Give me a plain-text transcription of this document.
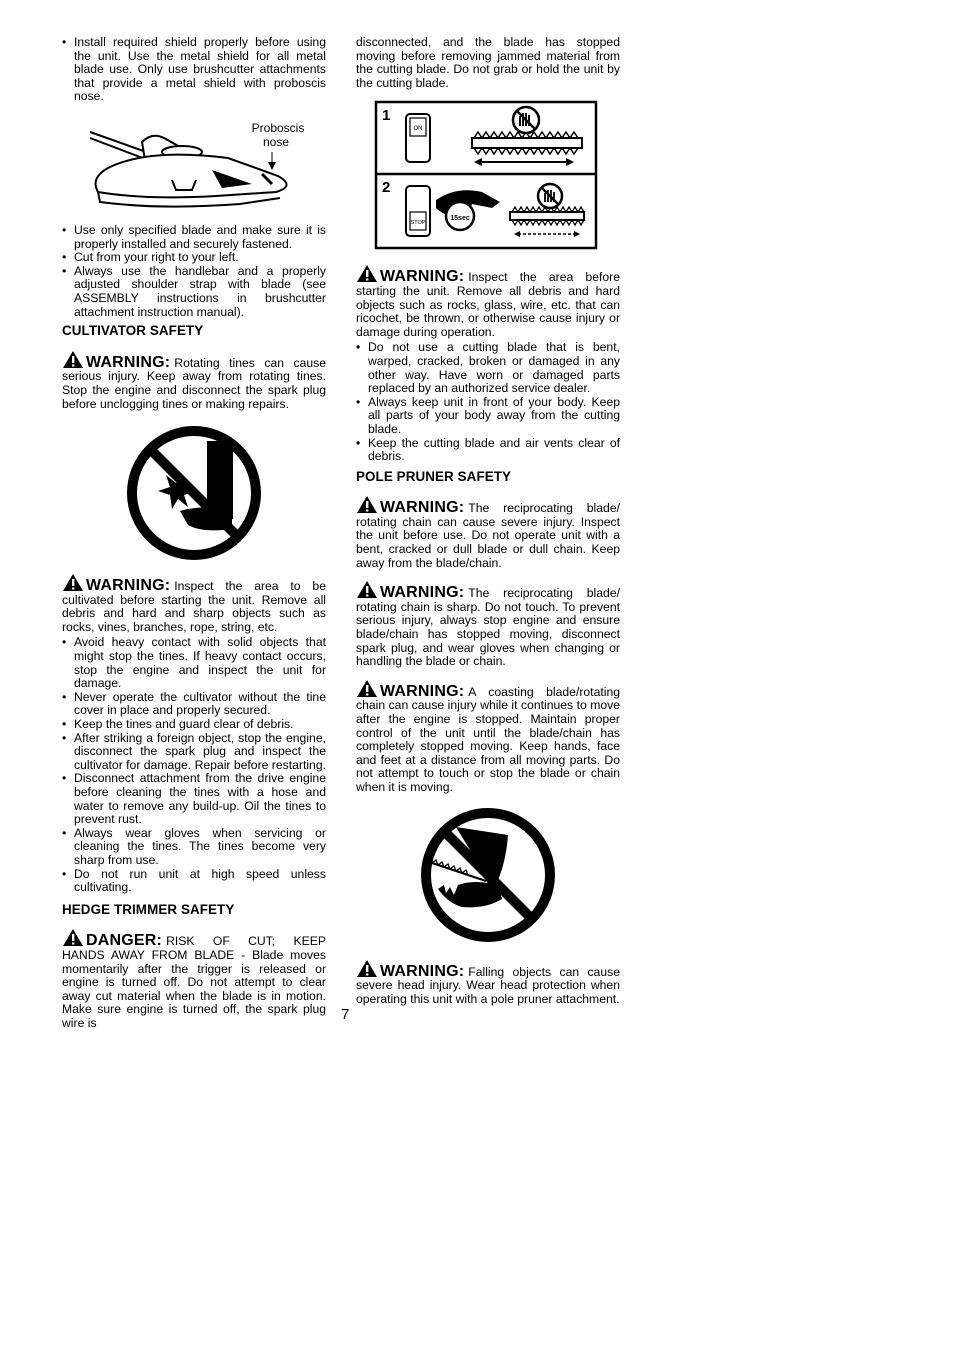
• Install required shield properly before using the unit. Use the metal shield for all metal blade use. Only use brushcutter attachments that provide a metal shield with proboscis nose.
Proboscis nose
• Use only specified blade and make sure it is properly installed and securely fastened.
• Cut from your right to your left.
• Always use the handlebar and a properly adjusted shoulder strap with blade (see ASSEMBLY instructions in brushcutter attachment instruction manual).
CULTIVATOR SAFETY

WARNING: Rotating tines can cause serious injury. Keep away from rotating tines. Stop the engine and disconnect the spark plug before unclogging tines or making repairs.

WARNING: Inspect the area to be cultivated before starting the unit. Remove all debris and hard and sharp objects such as rocks, vines, branches, rope, string, etc.

• Avoid heavy contact with solid objects that might stop the tines. If heavy contact occurs, stop the engine and inspect the unit for damage.
• Never operate the cultivator without the tine cover in place and properly secured.
• Keep the tines and guard clear of debris.
• After striking a foreign object, stop the engine, disconnect the spark plug and inspect the cultivator for damage. Repair before restarting.
• Disconnect attachment from the drive engine before cleaning the tines with a hose and water to remove any build-up. Oil the tines to prevent rust.
• Always wear gloves when servicing or cleaning the tines. The tines become very sharp from use.
• Do not run unit at high speed unless cultivating.
HEDGE TRIMMER SAFETY

DANGER: RISK OF CUT; KEEP HANDS AWAY FROM BLADE - Blade moves momentarily after the trigger is released or engine is turned off. Do not attempt to clear away cut material when the blade is in motion. Make sure engine is turned off, the spark plug wire is

disconnected, and the blade has stopped moving before removing jammed material from the cutting blade. Do not grab or hold the unit by the cutting blade.

1
2
ON
STOP
15sec

WARNING: Inspect the area before starting the unit. Remove all debris and hard objects such as rocks, glass, wire, etc. that can ricochet, be thrown, or otherwise cause injury or damage during operation.

• Do not use a cutting blade that is bent, warped, cracked, broken or damaged in any other way. Have worn or damaged parts replaced by an authorized service dealer.
• Always keep unit in front of your body. Keep all parts of your body away from the cutting blade.
• Keep the cutting blade and air vents clear of debris.
POLE PRUNER SAFETY

WARNING: The reciprocating blade/ rotating chain can cause severe injury. Inspect the unit before use. Do not operate unit with a bent, cracked or dull blade or dull chain. Keep away from the blade/chain.

WARNING: The reciprocating blade/ rotating chain is sharp. Do not touch. To prevent serious injury, always stop engine and ensure blade/chain has stopped moving, disconnect spark plug, and wear gloves when changing or handling the blade or chain.

WARNING: A coasting blade/rotating chain can cause injury while it continues to move after the engine is stopped. Maintain proper control of the unit until the blade/chain has completely stopped moving. Keep hands, face and feet at a distance from all moving parts. Do not attempt to touch or stop the blade or chain when it is moving.

WARNING: Falling objects can cause severe head injury. Wear head protection when operating this unit with a pole pruner attachment.

7
